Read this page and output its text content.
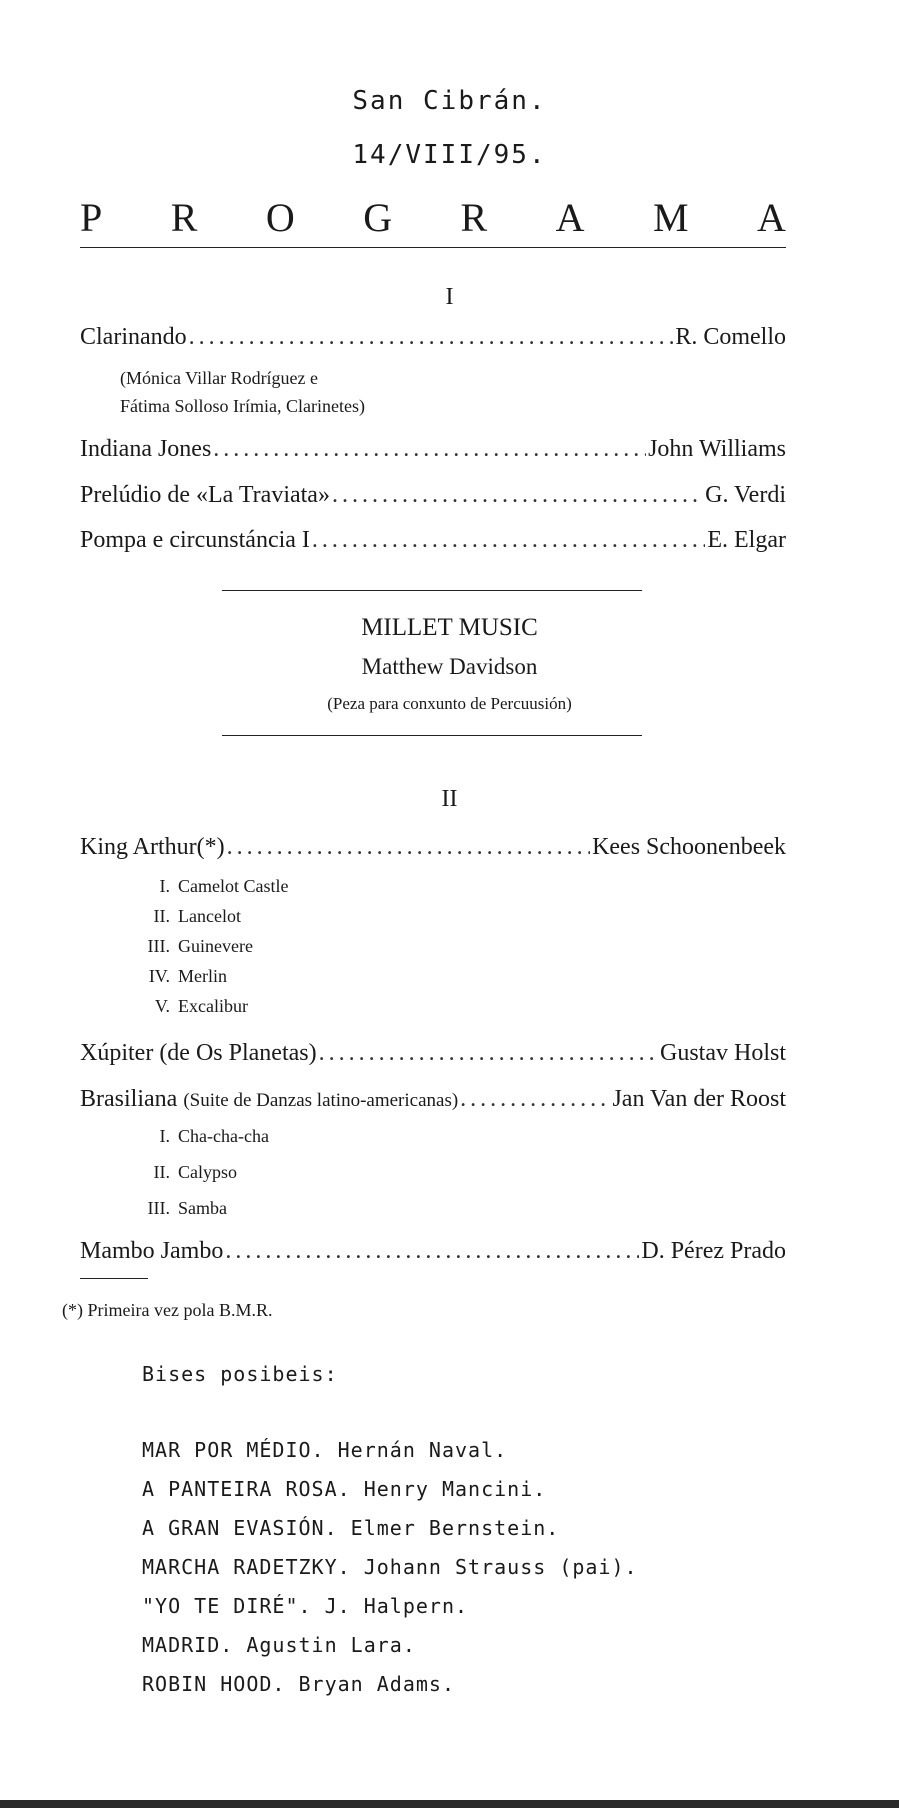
San Cibrán.
14/VIII/95.
P R O G R A M A
I
Clarinando .....	R. Comello
(Mónica Villar Rodríguez e
Fátima Solloso Irímia, Clarinetes)
Indiana Jones .....	John Williams
Prelúdio de «La Traviata» .....	G. Verdi
Pompa e circunstáncia I .....	E. Elgar
MILLET MUSIC
Matthew Davidson
(Peza para conxunto de Percuusión)
II
King Arthur(*) .....	Kees Schoonenbeek
I. Camelot Castle
II. Lancelot
III. Guinevere
IV. Merlin
V. Excalibur
Xúpiter (de Os Planetas) .....	Gustav Holst
Brasiliana (Suite de Danzas latino-americanas) .....	Jan Van der Roost
I. Cha-cha-cha
II. Calypso
III. Samba
Mambo Jambo .....	D. Pérez Prado
(*) Primeira vez pola B.M.R.
Bises posibeis:
MAR POR MÉDIO. Hernán Naval.
A PANTEIRA ROSA. Henry Mancini.
A GRAN EVASIÓN. Elmer Bernstein.
MARCHA RADETZKY. Johann Strauss (pai).
"YO TE DIRÉ". J. Halpern.
MADRID. Agustin Lara.
ROBIN HOOD. Bryan Adams.
